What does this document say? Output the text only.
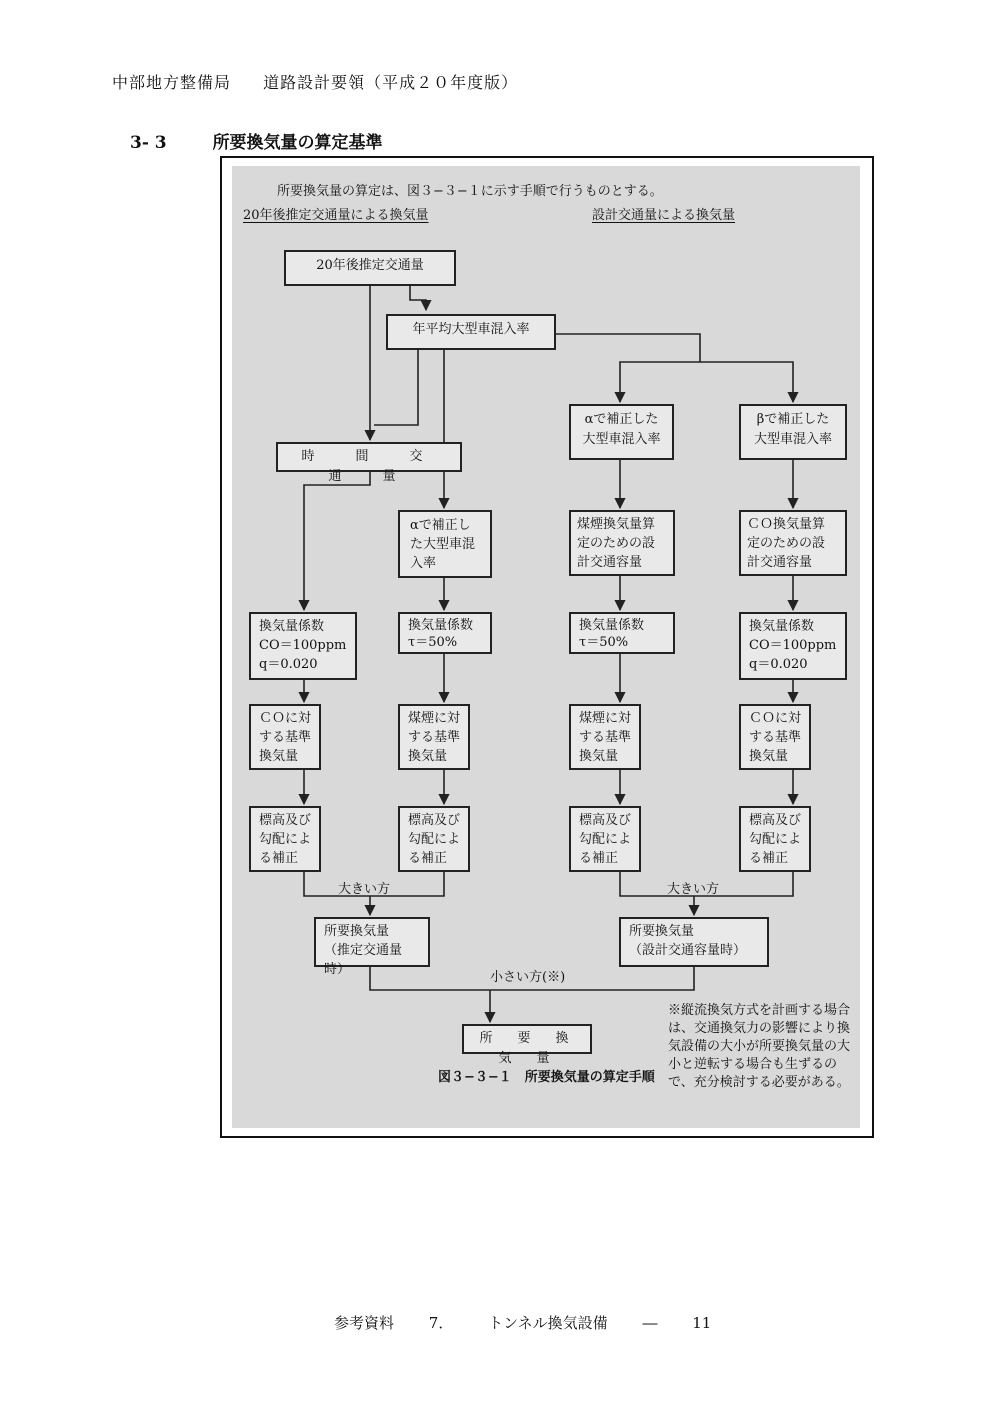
中部地方整備局 道路設計要領（平成２０年度版）
3- 3	所要換気量の算定基準
所要換気量の算定は、図３−３−１に示す手順で行うものとする。
20年後推定交通量による換気量	設計交通量による換気量
20年後推定交通量
年平均大型車混入率
αで補正した
大型車混入率
βで補正した
大型車混入率
時　間　交　通　量
αで補正し
た大型車混
入率
煤煙換気量算
定のための設
計交通容量
ＣＯ換気量算
定のための設
計交通容量
換気量係数
CO＝100ppm
q＝0.020
換気量係数
τ＝50%
換気量係数
τ＝50%
換気量係数
CO＝100ppm
q＝0.020
ＣＯに対
する基準
換気量
煤煙に対
する基準
換気量
煤煙に対
する基準
換気量
ＣＯに対
する基準
換気量
標高及び
勾配によ
る補正
標高及び
勾配によ
る補正
標高及び
勾配によ
る補正
標高及び
勾配によ
る補正
所要換気量
（推定交通量時）
所要換気量
（設計交通容量時）
所　要　換　気　量
大きい方	大きい方
小さい方(※)
※縦流換気方式を計画する場合は、交通換気力の影響により換気設備の大小が所要換気量の大小と逆転する場合も生ずるので、充分検討する必要がある。
図３−３−１　所要換気量の算定手順
参考資料 7． トンネル換気設備 ― 11
